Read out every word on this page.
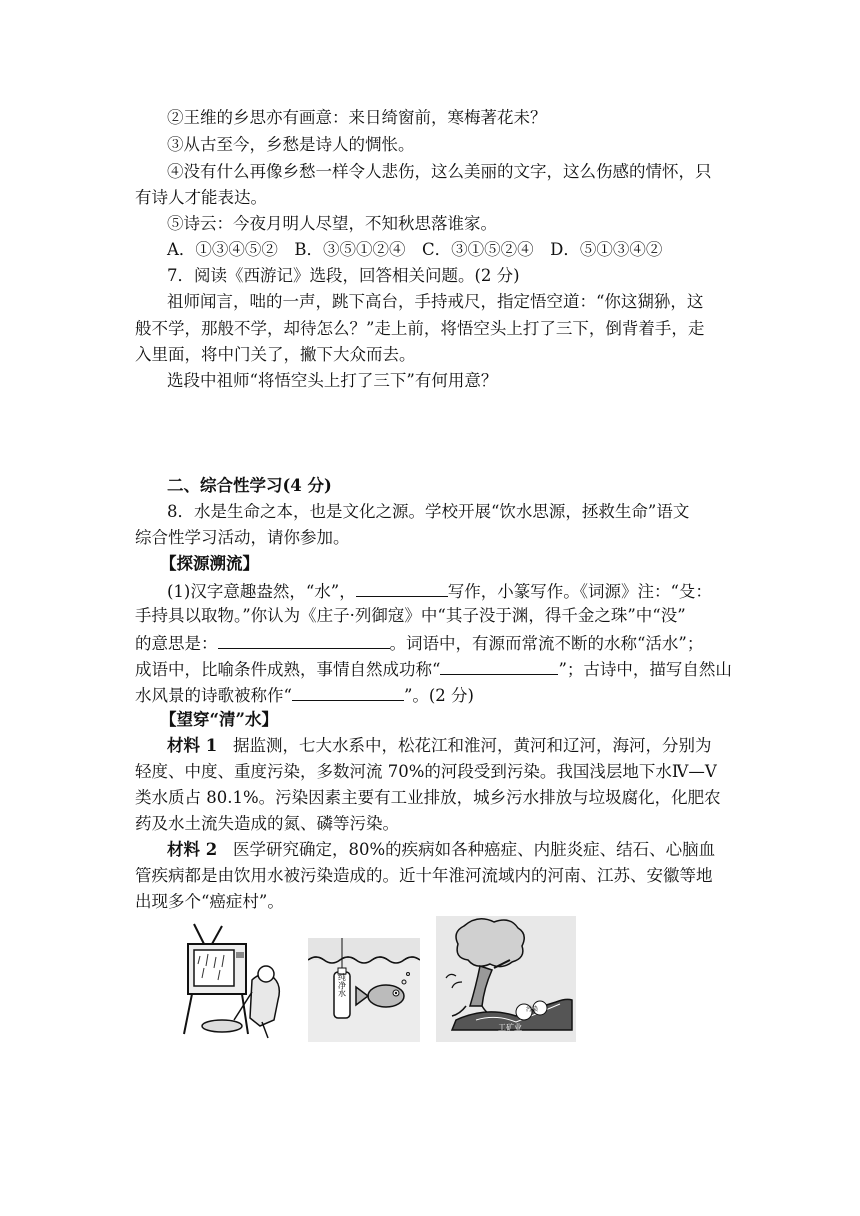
②王维的乡思亦有画意：来日绮窗前，寒梅著花未？
③从古至今，乡愁是诗人的惆怅。
④没有什么再像乡愁一样令人悲伤，这么美丽的文字，这么伤感的情怀，只
有诗人才能表达。
⑤诗云：今夜月明人尽望，不知秋思落谁家。
A．①③④⑤②　B．③⑤①②④　C．③①⑤②④　D．⑤①③④②
7．阅读《西游记》选段，回答相关问题。(2 分)
祖师闻言，咄的一声，跳下高台，手持戒尺，指定悟空道：“你这猢狲，这
般不学，那般不学，却待怎么？”走上前，将悟空头上打了三下，倒背着手，走
入里面，将中门关了，撇下大众而去。
选段中祖师“将悟空头上打了三下”有何用意？
二、综合性学习(4 分)
8．水是生命之本，也是文化之源。学校开展“饮水思源，拯救生命”语文
综合性学习活动，请你参加。
【探源溯流】
(1)汉字意趣盎然，“水”，	写作，小篆写作。《词源》注：“殳：
手持具以取物。”你认为《庄子·列御寇》中“其子没于渊，得千金之珠”中“没”
的意思是：	。词语中，有源而常流不断的水称“活水”；
成语中，比喻条件成熟，事情自然成功称“	”；古诗中，描写自然山
水风景的诗歌被称作“	”。(2 分)
【望穿“清”水】
材料 1 据监测，七大水系中，松花江和淮河，黄河和辽河，海河，分别为
轻度、中度、重度污染，多数河流 70%的河段受到污染。我国浅层地下水Ⅳ—Ⅴ
类水质占 80.1%。污染因素主要有工业排放，城乡污水排放与垃圾腐化，化肥农
药及水土流失造成的氮、磷等污染。
材料 2 医学研究确定，80%的疾病如各种癌症、内脏炎症、结石、心脑血
管疾病都是由饮用水被污染造成的。近十年淮河流域内的河南、江苏、安徽等地
出现多个“癌症村”。
纯净水
工矿业
污染
